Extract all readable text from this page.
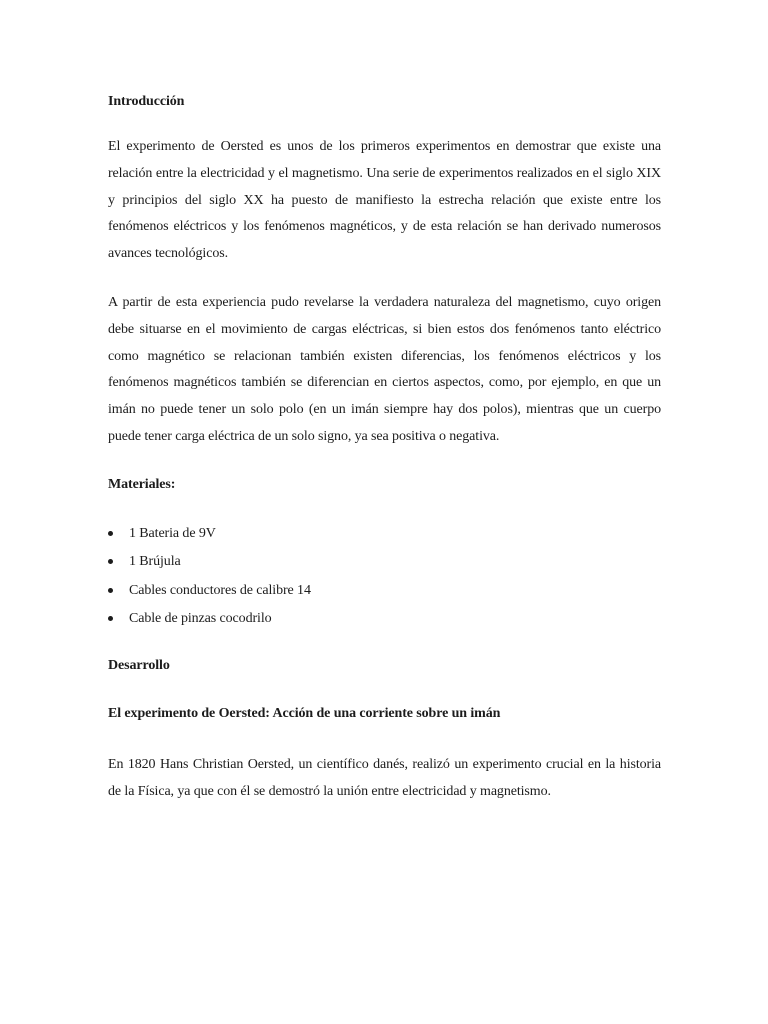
Introducción

El experimento de Oersted es unos de los primeros experimentos en demostrar que existe una relación entre la electricidad y el magnetismo. Una serie de experimentos realizados en el siglo XIX y principios del siglo XX ha puesto de manifiesto la estrecha relación que existe entre los fenómenos eléctricos y los fenómenos magnéticos, y de esta relación se han derivado numerosos avances tecnológicos.

A partir de esta experiencia pudo revelarse la verdadera naturaleza del magnetismo, cuyo origen debe situarse en el movimiento de cargas eléctricas, si bien estos dos fenómenos tanto eléctrico como magnético se relacionan también existen diferencias, los fenómenos eléctricos y los fenómenos magnéticos también se diferencian en ciertos aspectos, como, por ejemplo, en que un imán no puede tener un solo polo (en un imán siempre hay dos polos), mientras que un cuerpo puede tener carga eléctrica de un solo signo, ya sea positiva o negativa.

Materiales:

1 Bateria de 9V
1 Brújula
Cables conductores de calibre 14
Cable de pinzas cocodrilo

Desarrollo

El experimento de Oersted: Acción de una corriente sobre un imán

En 1820 Hans Christian Oersted, un científico danés, realizó un experimento crucial en la historia de la Física, ya que con él se demostró la unión entre electricidad y magnetismo.
